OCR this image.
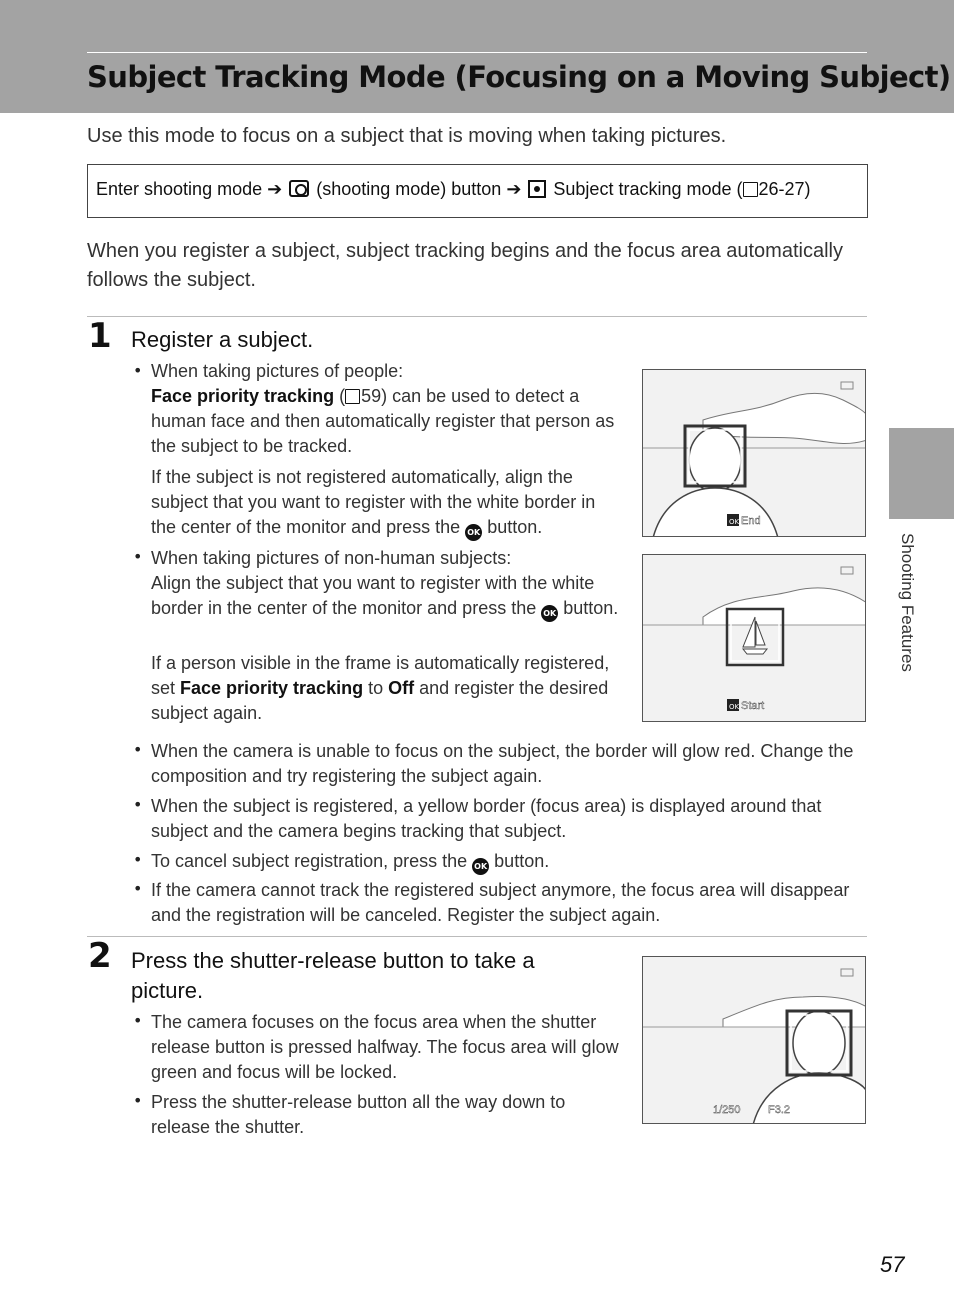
Subject Tracking Mode (Focusing on a Moving Subject)

Use this mode to focus on a subject that is moving when taking pictures.

Enter shooting mode ➔  (shooting mode) button ➔  Subject tracking mode ( 26-27)

When you register a subject, subject tracking begins and the focus area automatically follows the subject.

1 Register a subject.
• When taking pictures of people:
Face priority tracking ( 59) can be used to detect a human face and then automatically register that person as the subject to be tracked.
If the subject is not registered automatically, align the subject that you want to register with the white border in the center of the monitor and press the OK button.
• When taking pictures of non-human subjects:
Align the subject that you want to register with the white border in the center of the monitor and press the OK button.
If a person visible in the frame is automatically registered, set Face priority tracking to Off and register the desired subject again.
• When the camera is unable to focus on the subject, the border will glow red. Change the composition and try registering the subject again.
• When the subject is registered, a yellow border (focus area) is displayed around that subject and the camera begins tracking that subject.
• To cancel subject registration, press the OK button.
• If the camera cannot track the registered subject anymore, the focus area will disappear and the registration will be canceled. Register the subject again.
OK End
OK Start
2 Press the shutter-release button to take a picture.
• The camera focuses on the focus area when the shutter release button is pressed halfway. The focus area will glow green and focus will be locked.
• Press the shutter-release button all the way down to release the shutter.
1/250 F3.2
Shooting Features
57
